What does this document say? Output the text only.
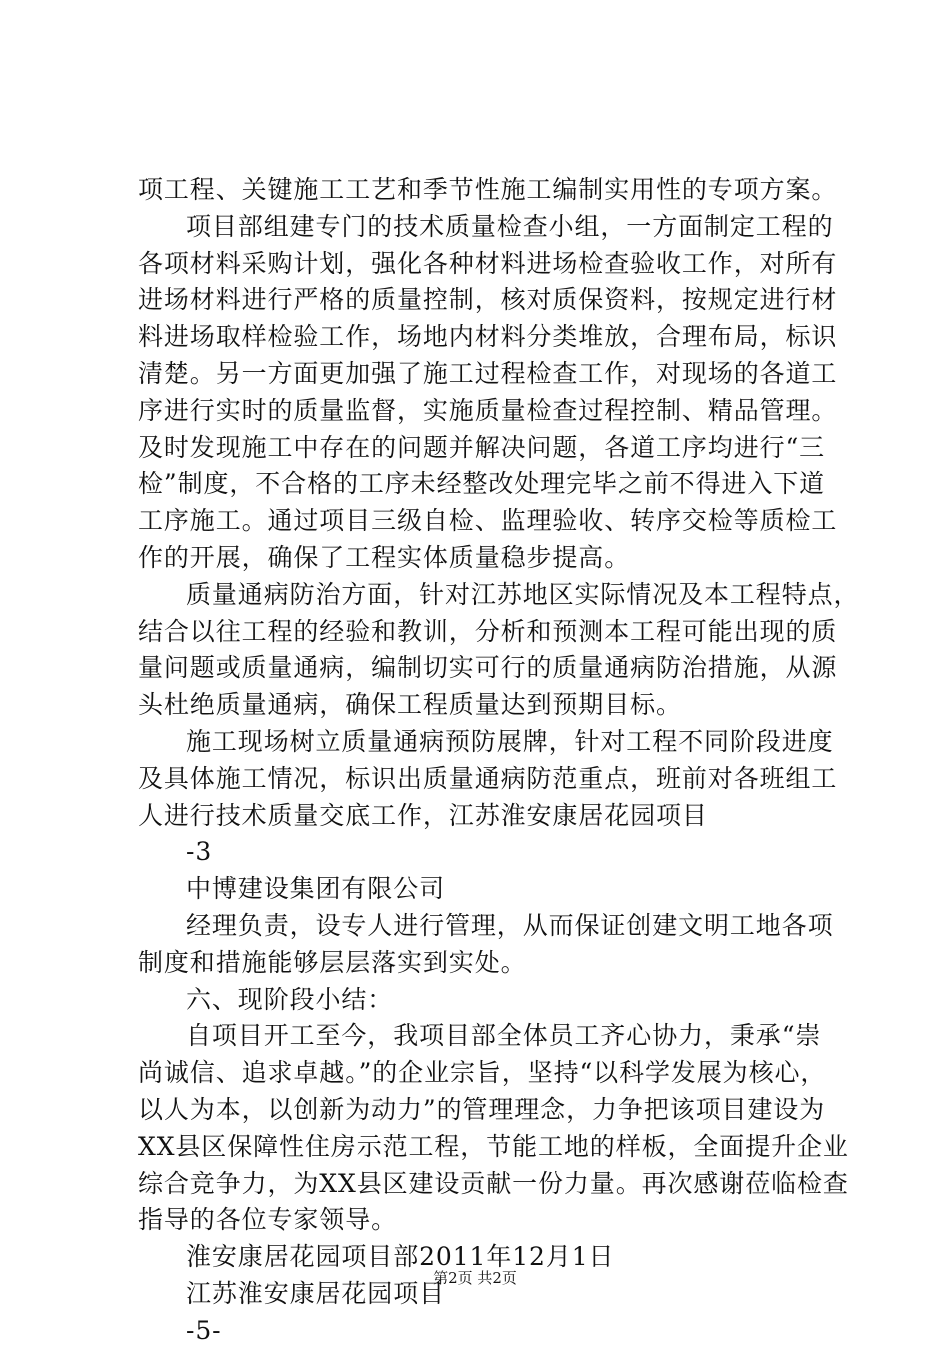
项工程、关键施工工艺和季节性施工编制实用性的专项方案。
项目部组建专门的技术质量检查小组，一方面制定工程的
各项材料采购计划，强化各种材料进场检查验收工作，对所有
进场材料进行严格的质量控制，核对质保资料，按规定进行材
料进场取样检验工作，场地内材料分类堆放，合理布局，标识
清楚。另一方面更加强了施工过程检查工作，对现场的各道工
序进行实时的质量监督，实施质量检查过程控制、精品管理。
及时发现施工中存在的问题并解决问题，各道工序均进行“三
检”制度，不合格的工序未经整改处理完毕之前不得进入下道
工序施工。通过项目三级自检、监理验收、转序交检等质检工
作的开展，确保了工程实体质量稳步提高。
质量通病防治方面，针对江苏地区实际情况及本工程特点，
结合以往工程的经验和教训，分析和预测本工程可能出现的质
量问题或质量通病，编制切实可行的质量通病防治措施，从源
头杜绝质量通病，确保工程质量达到预期目标。
施工现场树立质量通病预防展牌，针对工程不同阶段进度
及具体施工情况，标识出质量通病防范重点，班前对各班组工
人进行技术质量交底工作，江苏淮安康居花园项目
-3
中博建设集团有限公司
经理负责，设专人进行管理，从而保证创建文明工地各项
制度和措施能够层层落实到实处。
六、现阶段小结：
自项目开工至今，我项目部全体员工齐心协力，秉承“崇
尚诚信、追求卓越。”的企业宗旨，坚持“以科学发展为核心，
以人为本，以创新为动力”的管理理念，力争把该项目建设为
XX县区保障性住房示范工程，节能工地的样板，全面提升企业
综合竞争力，为XX县区建设贡献一份力量。再次感谢莅临检查
指导的各位专家领导。
淮安康居花园项目部2011年12月1日
江苏淮安康居花园项目
-5-
第2页 共2页
